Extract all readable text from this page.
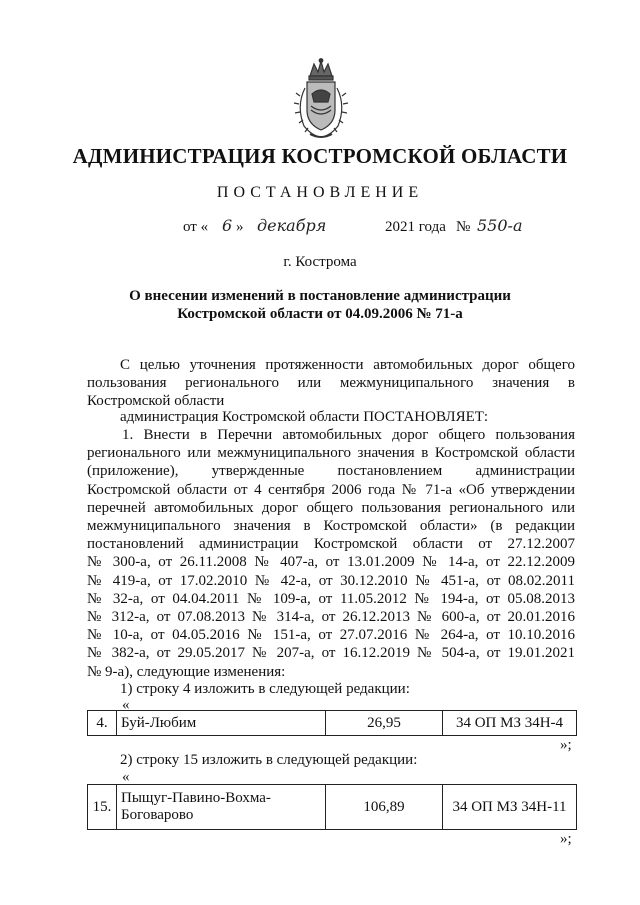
АДМИНИСТРАЦИЯ КОСТРОМСКОЙ ОБЛАСТИ
ПОСТАНОВЛЕНИЕ
от « 6 » декабря	2021 года № 550-а
г. Кострома
О внесении изменений в постановление администрации
Костромской области от 04.09.2006 № 71-а
С целью уточнения протяженности автомобильных дорог общего
пользования регионального или межмуниципального значения в
Костромской области
администрация Костромской области ПОСТАНОВЛЯЕТ:
1. Внести в Перечни автомобильных дорог общего пользования
регионального или межмуниципального значения в Костромской области
(приложение), утвержденные постановлением администрации
Костромской области от 4 сентября 2006 года № 71-а «Об утверждении
перечней автомобильных дорог общего пользования регионального или
межмуниципального значения в Костромской области» (в редакции
постановлений администрации Костромской области от 27.12.2007
№ 300-а, от 26.11.2008 № 407-а, от 13.01.2009 № 14-а, от 22.12.2009
№ 419-а, от 17.02.2010 № 42-а, от 30.12.2010 № 451-а, от 08.02.2011
№ 32-а, от 04.04.2011 № 109-а, от 11.05.2012 № 194-а, от 05.08.2013
№ 312-а, от 07.08.2013 № 314-а, от 26.12.2013 № 600-а, от 20.01.2016
№ 10-а, от 04.05.2016 № 151-а, от 27.07.2016 № 264-а, от 10.10.2016
№ 382-а, от 29.05.2017 № 207-а, от 16.12.2019 № 504-а, от 19.01.2021
№ 9-а), следующие изменения:
1) строку 4 изложить в следующей редакции:
«
4.	Буй-Любим	26,95	34 ОП МЗ 34Н-4
»;
2) строку 15 изложить в следующей редакции:
«
15.	Пыщуг-Павино-Вохма-Боговарово	106,89	34 ОП МЗ 34Н-11
»;
